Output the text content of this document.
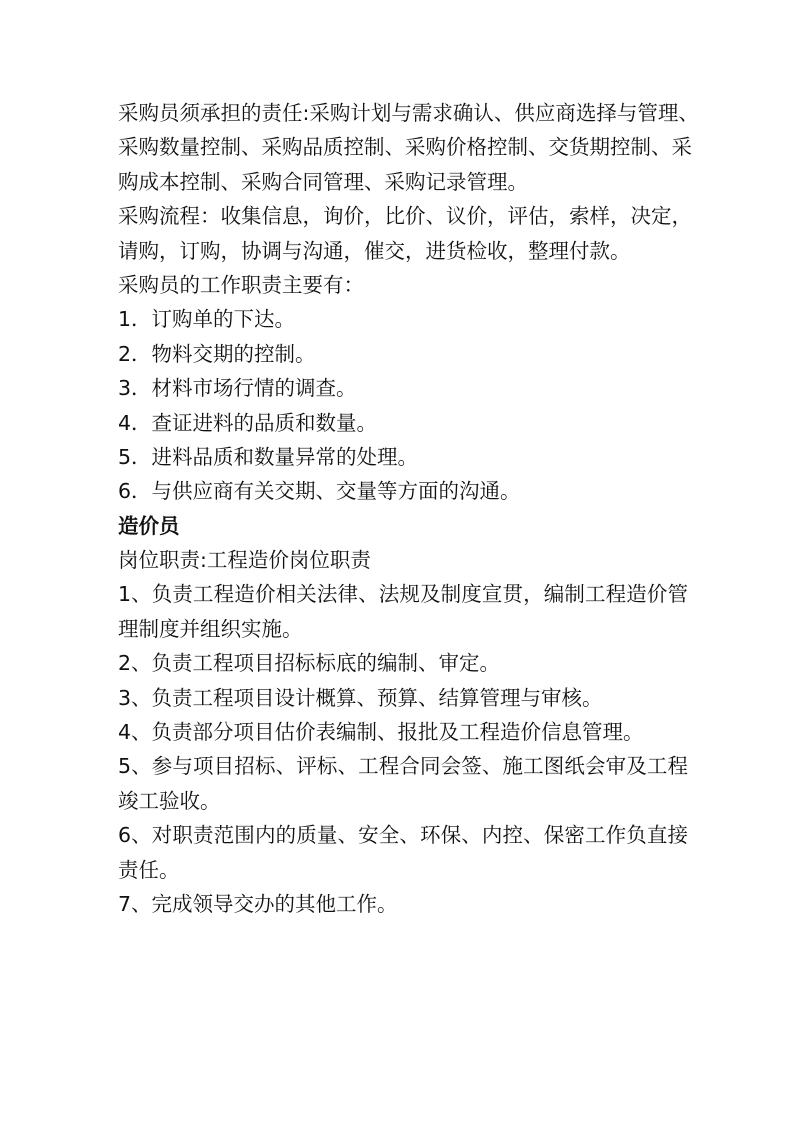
采购员须承担的责任:采购计划与需求确认、供应商选择与管理、
采购数量控制、采购品质控制、采购价格控制、交货期控制、采
购成本控制、采购合同管理、采购记录管理。
采购流程：收集信息，询价，比价、议价，评估，索样，决定，
请购，订购，协调与沟通，催交，进货检收，整理付款。
采购员的工作职责主要有：
1．订购单的下达。
2．物料交期的控制。
3．材料市场行情的调查。
4．查证进料的品质和数量。
5．进料品质和数量异常的处理。
6．与供应商有关交期、交量等方面的沟通。
造价员
岗位职责:工程造价岗位职责
1、负责工程造价相关法律、法规及制度宣贯，编制工程造价管
理制度并组织实施。
2、负责工程项目招标标底的编制、审定。
3、负责工程项目设计概算、预算、结算管理与审核。
4、负责部分项目估价表编制、报批及工程造价信息管理。
5、参与项目招标、评标、工程合同会签、施工图纸会审及工程
竣工验收。
6、对职责范围内的质量、安全、环保、内控、保密工作负直接
责任。
7、完成领导交办的其他工作。
